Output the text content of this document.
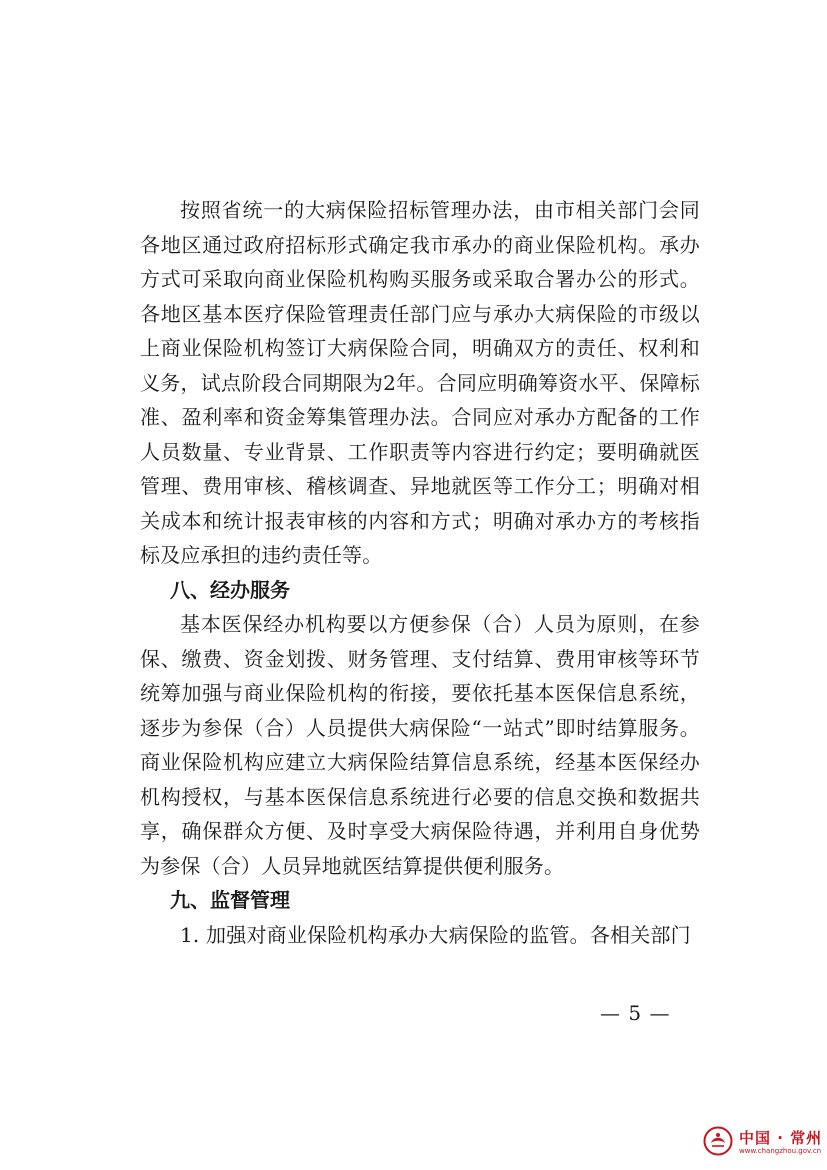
按照省统一的大病保险招标管理办法，由市相关部门会同各地区通过政府招标形式确定我市承办的商业保险机构。承办方式可采取向商业保险机构购买服务或采取合署办公的形式。各地区基本医疗保险管理责任部门应与承办大病保险的市级以上商业保险机构签订大病保险合同，明确双方的责任、权利和义务，试点阶段合同期限为2年。合同应明确筹资水平、保障标准、盈利率和资金筹集管理办法。合同应对承办方配备的工作人员数量、专业背景、工作职责等内容进行约定；要明确就医管理、费用审核、稽核调查、异地就医等工作分工；明确对相关成本和统计报表审核的内容和方式；明确对承办方的考核指标及应承担的违约责任等。

八、经办服务

基本医保经办机构要以方便参保（合）人员为原则，在参保、缴费、资金划拨、财务管理、支付结算、费用审核等环节统筹加强与商业保险机构的衔接，要依托基本医保信息系统，逐步为参保（合）人员提供大病保险“一站式”即时结算服务。商业保险机构应建立大病保险结算信息系统，经基本医保经办机构授权，与基本医保信息系统进行必要的信息交换和数据共享，确保群众方便、及时享受大病保险待遇，并利用自身优势为参保（合）人员异地就医结算提供便利服务。

九、监督管理

1. 加强对商业保险机构承办大病保险的监管。各相关部门

— 5 —
中国 · 常州
www.changzhou.gov.cn
